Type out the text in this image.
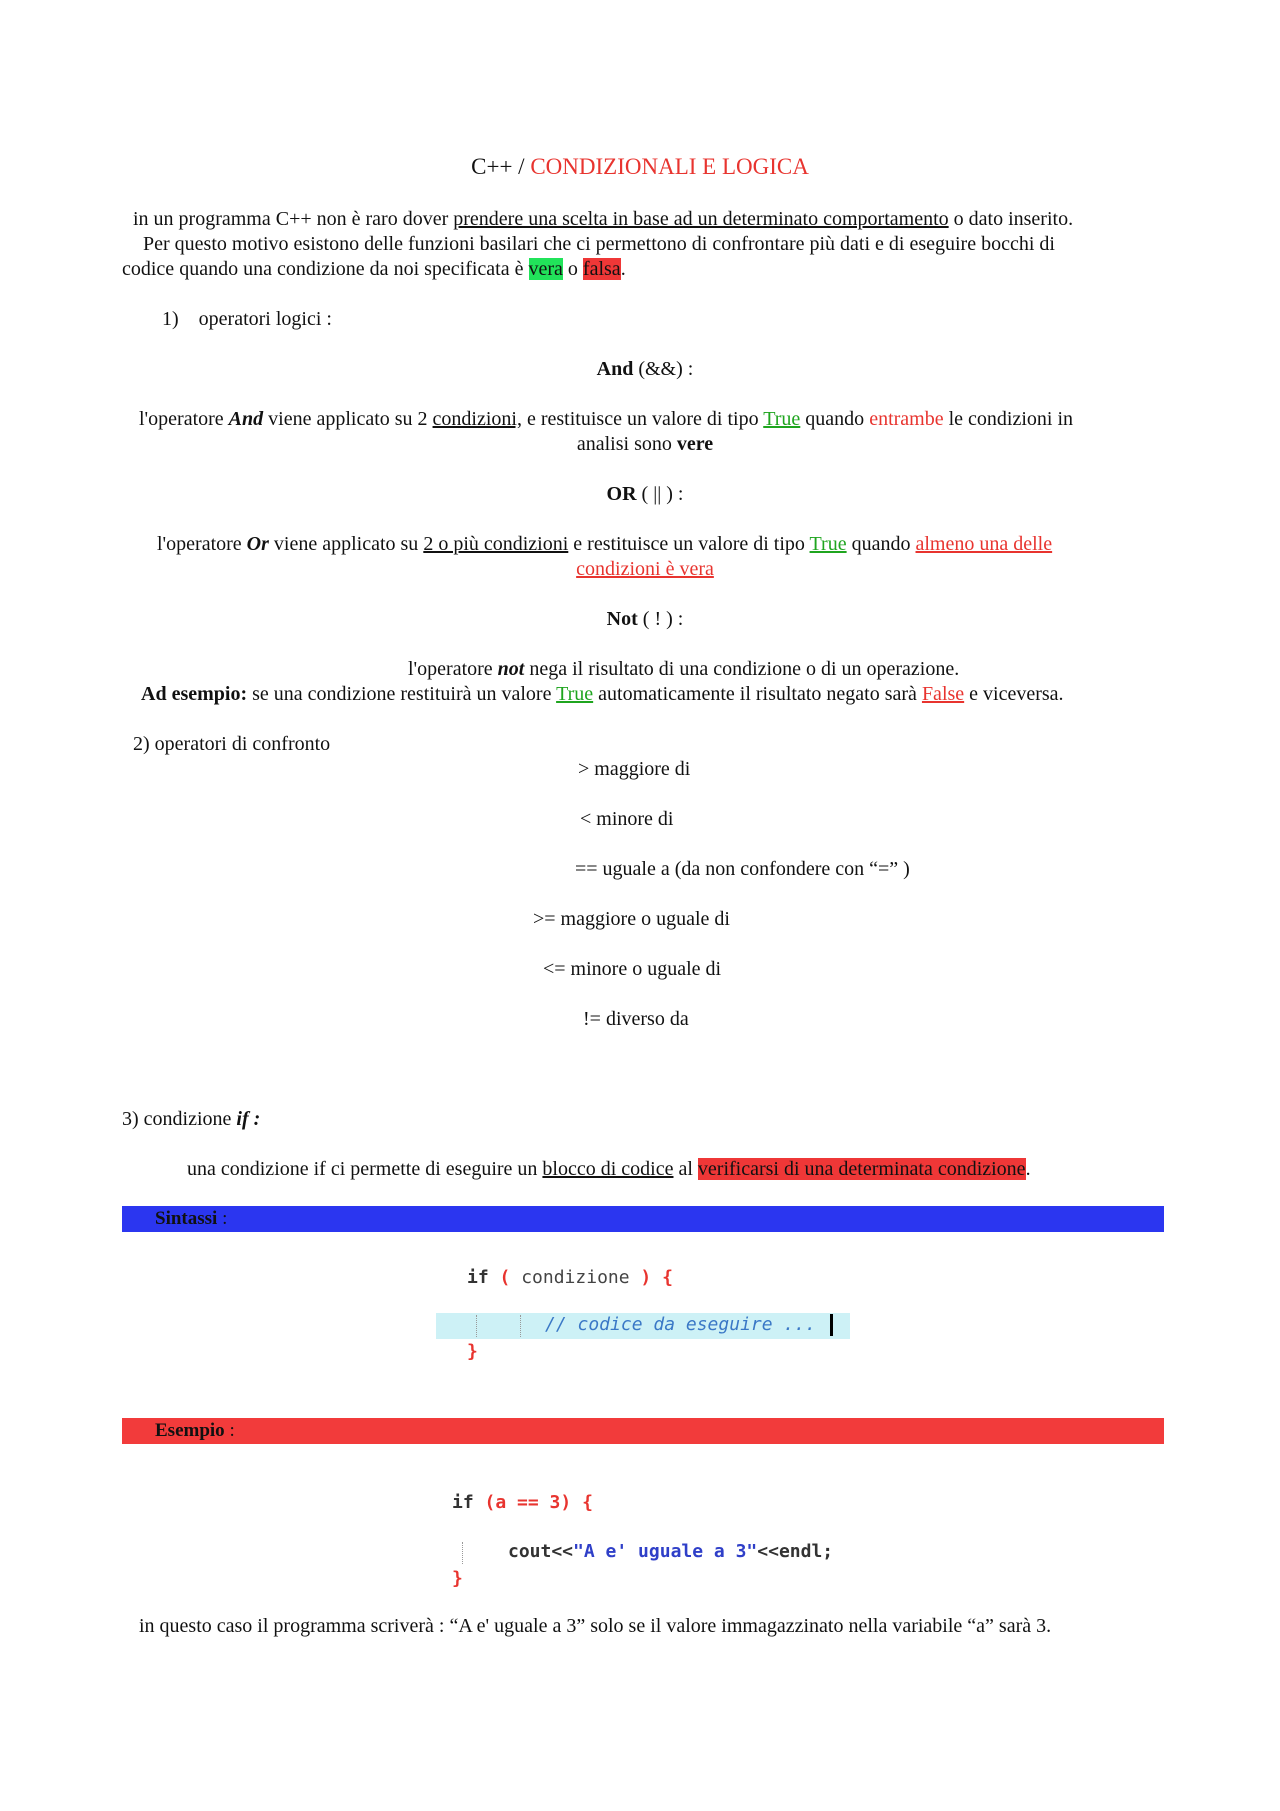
C++ / CONDIZIONALI E LOGICA
in un programma C++ non è raro dover prendere una scelta in base ad un determinato comportamento o dato inserito.
Per questo motivo esistono delle funzioni basilari che ci permettono di confrontare più dati e di eseguire bocchi di
codice quando una condizione da noi specificata è vera o falsa.
1) operatori logici :
And (&&) :
l'operatore And viene applicato su 2 condizioni, e restituisce un valore di tipo True quando entrambe le condizioni in
analisi sono vere
OR ( || ) :
l'operatore Or viene applicato su 2 o più condizioni e restituisce un valore di tipo True quando almeno una delle
condizioni è vera
Not ( ! ) :
l'operatore not nega il risultato di una condizione o di un operazione.
Ad esempio: se una condizione restituirà un valore True automaticamente il risultato negato sarà False e viceversa.
2) operatori di confronto
> maggiore di
< minore di
== uguale a (da non confondere con “=” )
>= maggiore o uguale di
<= minore o uguale di
!= diverso da
3) condizione if :
una condizione if ci permette di eseguire un blocco di codice al verificarsi di una determinata condizione.
Sintassi :
if ( condizione ) {
// codice da eseguire ...
}
Esempio :
if (a == 3) {
cout<<"A e' uguale a 3"<<endl;
}
in questo caso il programma scriverà : “A e' uguale a 3” solo se il valore immagazzinato nella variabile “a” sarà 3.
